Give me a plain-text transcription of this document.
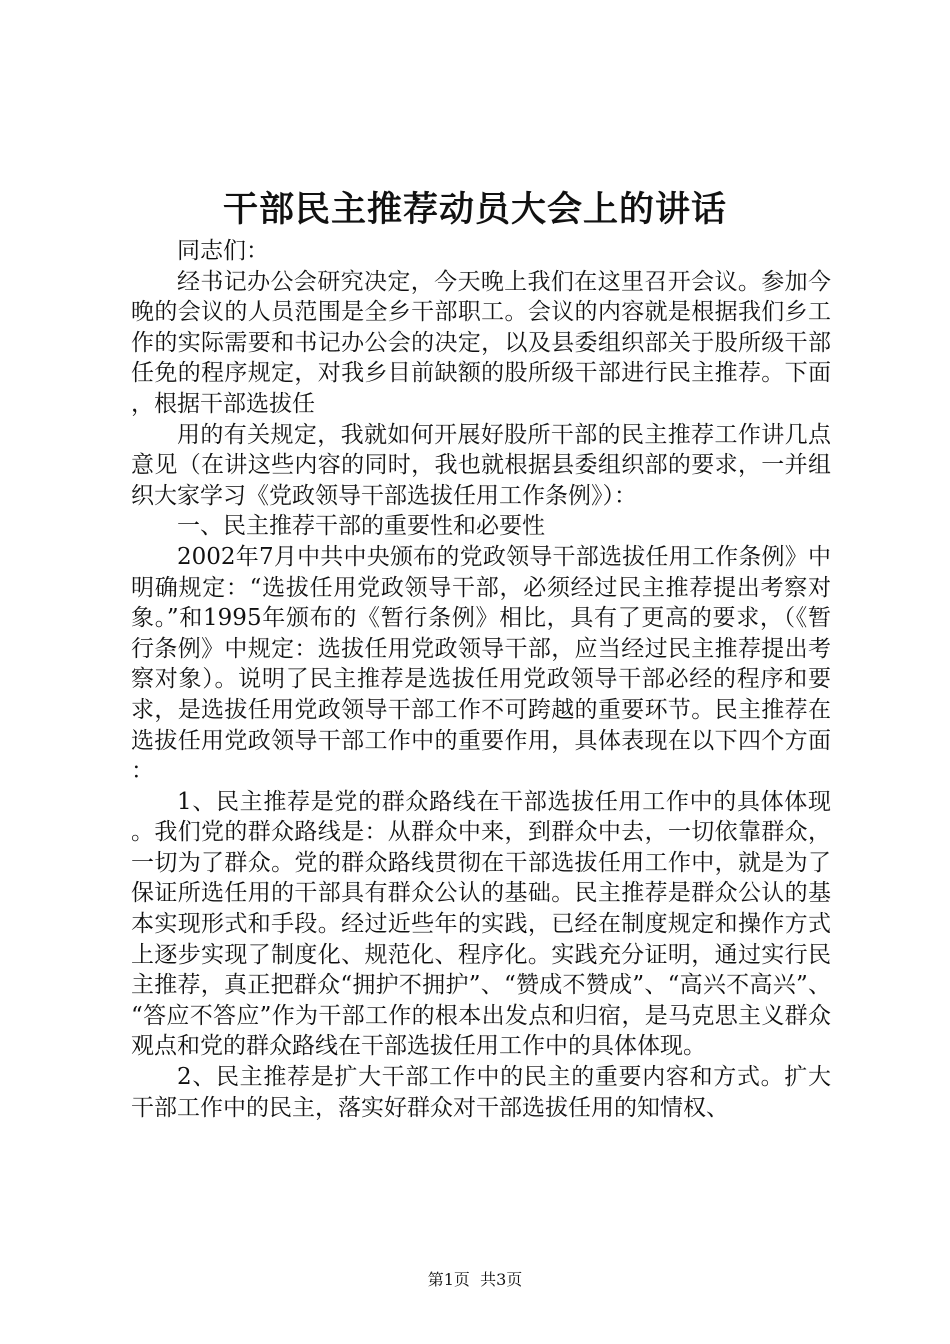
干部民主推荐动员大会上的讲话

同志们：

经书记办公会研究决定，今天晚上我们在这里召开会议。参加今晚的会议的人员范围是全乡干部职工。会议的内容就是根据我们乡工作的实际需要和书记办公会的决定，以及县委组织部关于股所级干部任免的程序规定，对我乡目前缺额的股所级干部进行民主推荐。下面，根据干部选拔任

用的有关规定，我就如何开展好股所干部的民主推荐工作讲几点意见（在讲这些内容的同时，我也就根据县委组织部的要求，一并组织大家学习《党政领导干部选拔任用工作条例》）：

一、民主推荐干部的重要性和必要性

2002年7月中共中央颁布的党政领导干部选拔任用工作条例》中明确规定：“选拔任用党政领导干部，必须经过民主推荐提出考察对象。”和1995年颁布的《暂行条例》相比，具有了更高的要求，（《暂行条例》中规定：选拔任用党政领导干部，应当经过民主推荐提出考察对象）。说明了民主推荐是选拔任用党政领导干部必经的程序和要求，是选拔任用党政领导干部工作不可跨越的重要环节。民主推荐在选拔任用党政领导干部工作中的重要作用，具体表现在以下四个方面：

1、民主推荐是党的群众路线在干部选拔任用工作中的具体体现。我们党的群众路线是：从群众中来，到群众中去，一切依靠群众，一切为了群众。党的群众路线贯彻在干部选拔任用工作中，就是为了保证所选任用的干部具有群众公认的基础。民主推荐是群众公认的基本实现形式和手段。经过近些年的实践，已经在制度规定和操作方式上逐步实现了制度化、规范化、程序化。实践充分证明，通过实行民主推荐，真正把群众“拥护不拥护”、“赞成不赞成”、“高兴不高兴”、“答应不答应”作为干部工作的根本出发点和归宿，是马克思主义群众观点和党的群众路线在干部选拔任用工作中的具体体现。

2、民主推荐是扩大干部工作中的民主的重要内容和方式。扩大干部工作中的民主，落实好群众对干部选拔任用的知情权、

第1页  共3页
